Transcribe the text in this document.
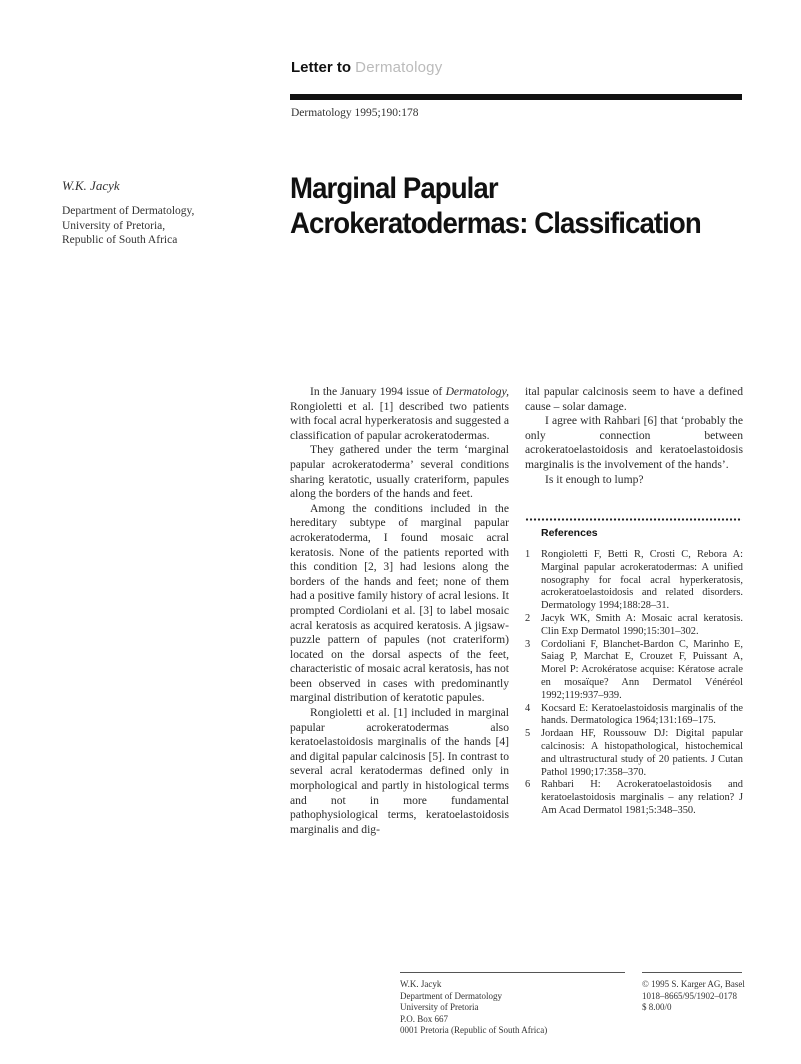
Letter to Dermatology
Dermatology 1995;190:178
W.K. Jacyk
Department of Dermatology,
University of Pretoria,
Republic of South Africa
Marginal Papular
Acrokeratodermas: Classification

In the January 1994 issue of Dermatology, Rongioletti et al. [1] described two patients with focal acral hyperkeratosis and suggested a classification of papular acrokeratodermas.

They gathered under the term ‘marginal papular acrokeratoderma’ several conditions sharing keratotic, usually crateriform, papules along the borders of the hands and feet.

Among the conditions included in the hereditary subtype of marginal papular acrokeratoderma, I found mosaic acral keratosis. None of the patients reported with this condition [2, 3] had lesions along the borders of the hands and feet; none of them had a positive family history of acral lesions. It prompted Cordiolani et al. [3] to label mosaic acral keratosis as acquired keratosis. A jigsaw-puzzle pattern of papules (not crateriform) located on the dorsal aspects of the feet, characteristic of mosaic acral keratosis, has not been observed in cases with predominantly marginal distribution of keratotic papules.

Rongioletti et al. [1] included in marginal papular acrokeratodermas also keratoelastoidosis marginalis of the hands [4] and digital papular calcinosis [5]. In contrast to several acral keratodermas defined only in morphological and partly in histological terms and not in more fundamental pathophysiological terms, keratoelastoidosis marginalis and dig-

ital papular calcinosis seem to have a defined cause – solar damage.

I agree with Rahbari [6] that ‘probably the only connection between acrokeratoelastoidosis and keratoelastoidosis marginalis is the involvement of the hands’.

Is it enough to lump?

References
1	Rongioletti F, Betti R, Crosti C, Rebora A: Marginal papular acrokeratodermas: A unified nosography for focal acral hyperkeratosis, acrokeratoelastoidosis and related disorders. Dermatology 1994;188:28–31.
2	Jacyk WK, Smith A: Mosaic acral keratosis. Clin Exp Dermatol 1990;15:301–302.
3	Cordoliani F, Blanchet-Bardon C, Marinho E, Saiag P, Marchat E, Crouzet F, Puissant A, Morel P: Acrokératose acquise: Kératose acrale en mosaïque? Ann Dermatol Vénéréol 1992;119:937–939.
4	Kocsard E: Keratoelastoidosis marginalis of the hands. Dermatologica 1964;131:169–175.
5	Jordaan HF, Roussouw DJ: Digital papular calcinosis: A histopathological, histochemical and ultrastructural study of 20 patients. J Cutan Pathol 1990;17:358–370.
6	Rahbari H: Acrokeratoelastoidosis and keratoelastoidosis marginalis – any relation? J Am Acad Dermatol 1981;5:348–350.
W.K. Jacyk
Department of Dermatology
University of Pretoria
P.O. Box 667
0001 Pretoria (Republic of South Africa)
© 1995 S. Karger AG, Basel
1018–8665/95/1902–0178
$ 8.00/0
